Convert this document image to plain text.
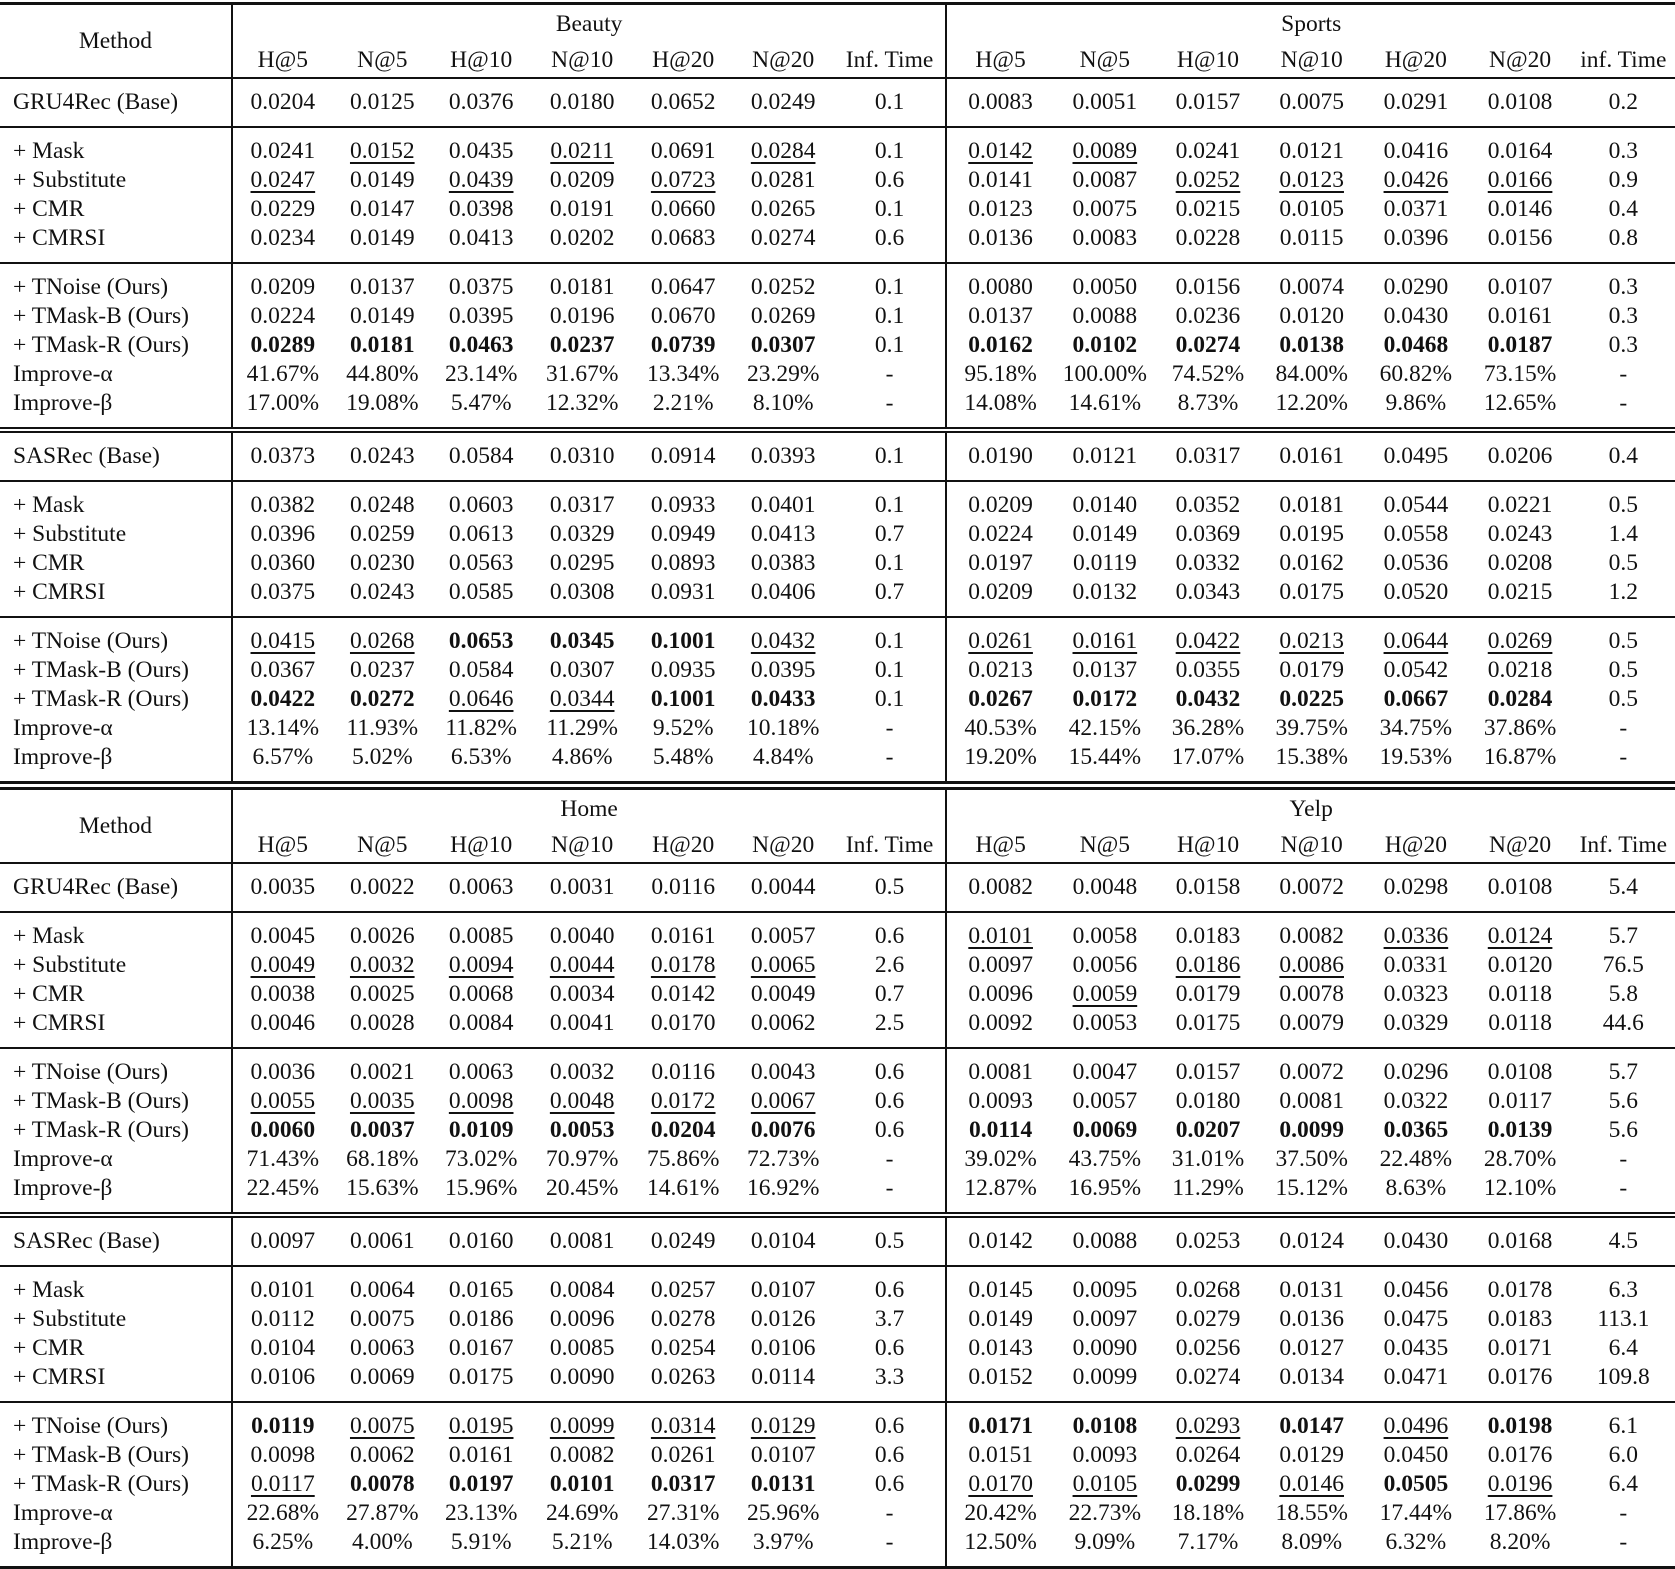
Method	Beauty							Sports						
	H@5	N@5	H@10	N@10	H@20	N@20	Inf. Time	H@5	N@5	H@10	N@10	H@20	N@20	inf. Time
GRU4Rec (Base)	0.0204	0.0125	0.0376	0.0180	0.0652	0.0249	0.1	0.0083	0.0051	0.0157	0.0075	0.0291	0.0108	0.2
+ Mask	0.0241	0.0152	0.0435	0.0211	0.0691	0.0284	0.1	0.0142	0.0089	0.0241	0.0121	0.0416	0.0164	0.3
+ Substitute	0.0247	0.0149	0.0439	0.0209	0.0723	0.0281	0.6	0.0141	0.0087	0.0252	0.0123	0.0426	0.0166	0.9
+ CMR	0.0229	0.0147	0.0398	0.0191	0.0660	0.0265	0.1	0.0123	0.0075	0.0215	0.0105	0.0371	0.0146	0.4
+ CMRSI	0.0234	0.0149	0.0413	0.0202	0.0683	0.0274	0.6	0.0136	0.0083	0.0228	0.0115	0.0396	0.0156	0.8
+ TNoise (Ours)	0.0209	0.0137	0.0375	0.0181	0.0647	0.0252	0.1	0.0080	0.0050	0.0156	0.0074	0.0290	0.0107	0.3
+ TMask-B (Ours)	0.0224	0.0149	0.0395	0.0196	0.0670	0.0269	0.1	0.0137	0.0088	0.0236	0.0120	0.0430	0.0161	0.3
+ TMask-R (Ours)	0.0289	0.0181	0.0463	0.0237	0.0739	0.0307	0.1	0.0162	0.0102	0.0274	0.0138	0.0468	0.0187	0.3
Improve-α	41.67%	44.80%	23.14%	31.67%	13.34%	23.29%	-	95.18%	100.00%	74.52%	84.00%	60.82%	73.15%	-
Improve-β	17.00%	19.08%	5.47%	12.32%	2.21%	8.10%	-	14.08%	14.61%	8.73%	12.20%	9.86%	12.65%	-
SASRec (Base)	0.0373	0.0243	0.0584	0.0310	0.0914	0.0393	0.1	0.0190	0.0121	0.0317	0.0161	0.0495	0.0206	0.4
+ Mask	0.0382	0.0248	0.0603	0.0317	0.0933	0.0401	0.1	0.0209	0.0140	0.0352	0.0181	0.0544	0.0221	0.5
+ Substitute	0.0396	0.0259	0.0613	0.0329	0.0949	0.0413	0.7	0.0224	0.0149	0.0369	0.0195	0.0558	0.0243	1.4
+ CMR	0.0360	0.0230	0.0563	0.0295	0.0893	0.0383	0.1	0.0197	0.0119	0.0332	0.0162	0.0536	0.0208	0.5
+ CMRSI	0.0375	0.0243	0.0585	0.0308	0.0931	0.0406	0.7	0.0209	0.0132	0.0343	0.0175	0.0520	0.0215	1.2
+ TNoise (Ours)	0.0415	0.0268	0.0653	0.0345	0.1001	0.0432	0.1	0.0261	0.0161	0.0422	0.0213	0.0644	0.0269	0.5
+ TMask-B (Ours)	0.0367	0.0237	0.0584	0.0307	0.0935	0.0395	0.1	0.0213	0.0137	0.0355	0.0179	0.0542	0.0218	0.5
+ TMask-R (Ours)	0.0422	0.0272	0.0646	0.0344	0.1001	0.0433	0.1	0.0267	0.0172	0.0432	0.0225	0.0667	0.0284	0.5
Improve-α	13.14%	11.93%	11.82%	11.29%	9.52%	10.18%	-	40.53%	42.15%	36.28%	39.75%	34.75%	37.86%	-
Improve-β	6.57%	5.02%	6.53%	4.86%	5.48%	4.84%	-	19.20%	15.44%	17.07%	15.38%	19.53%	16.87%	-
Method	Home							Yelp						
	H@5	N@5	H@10	N@10	H@20	N@20	Inf. Time	H@5	N@5	H@10	N@10	H@20	N@20	Inf. Time
GRU4Rec (Base)	0.0035	0.0022	0.0063	0.0031	0.0116	0.0044	0.5	0.0082	0.0048	0.0158	0.0072	0.0298	0.0108	5.4
+ Mask	0.0045	0.0026	0.0085	0.0040	0.0161	0.0057	0.6	0.0101	0.0058	0.0183	0.0082	0.0336	0.0124	5.7
+ Substitute	0.0049	0.0032	0.0094	0.0044	0.0178	0.0065	2.6	0.0097	0.0056	0.0186	0.0086	0.0331	0.0120	76.5
+ CMR	0.0038	0.0025	0.0068	0.0034	0.0142	0.0049	0.7	0.0096	0.0059	0.0179	0.0078	0.0323	0.0118	5.8
+ CMRSI	0.0046	0.0028	0.0084	0.0041	0.0170	0.0062	2.5	0.0092	0.0053	0.0175	0.0079	0.0329	0.0118	44.6
+ TNoise (Ours)	0.0036	0.0021	0.0063	0.0032	0.0116	0.0043	0.6	0.0081	0.0047	0.0157	0.0072	0.0296	0.0108	5.7
+ TMask-B (Ours)	0.0055	0.0035	0.0098	0.0048	0.0172	0.0067	0.6	0.0093	0.0057	0.0180	0.0081	0.0322	0.0117	5.6
+ TMask-R (Ours)	0.0060	0.0037	0.0109	0.0053	0.0204	0.0076	0.6	0.0114	0.0069	0.0207	0.0099	0.0365	0.0139	5.6
Improve-α	71.43%	68.18%	73.02%	70.97%	75.86%	72.73%	-	39.02%	43.75%	31.01%	37.50%	22.48%	28.70%	-
Improve-β	22.45%	15.63%	15.96%	20.45%	14.61%	16.92%	-	12.87%	16.95%	11.29%	15.12%	8.63%	12.10%	-
SASRec (Base)	0.0097	0.0061	0.0160	0.0081	0.0249	0.0104	0.5	0.0142	0.0088	0.0253	0.0124	0.0430	0.0168	4.5
+ Mask	0.0101	0.0064	0.0165	0.0084	0.0257	0.0107	0.6	0.0145	0.0095	0.0268	0.0131	0.0456	0.0178	6.3
+ Substitute	0.0112	0.0075	0.0186	0.0096	0.0278	0.0126	3.7	0.0149	0.0097	0.0279	0.0136	0.0475	0.0183	113.1
+ CMR	0.0104	0.0063	0.0167	0.0085	0.0254	0.0106	0.6	0.0143	0.0090	0.0256	0.0127	0.0435	0.0171	6.4
+ CMRSI	0.0106	0.0069	0.0175	0.0090	0.0263	0.0114	3.3	0.0152	0.0099	0.0274	0.0134	0.0471	0.0176	109.8
+ TNoise (Ours)	0.0119	0.0075	0.0195	0.0099	0.0314	0.0129	0.6	0.0171	0.0108	0.0293	0.0147	0.0496	0.0198	6.1
+ TMask-B (Ours)	0.0098	0.0062	0.0161	0.0082	0.0261	0.0107	0.6	0.0151	0.0093	0.0264	0.0129	0.0450	0.0176	6.0
+ TMask-R (Ours)	0.0117	0.0078	0.0197	0.0101	0.0317	0.0131	0.6	0.0170	0.0105	0.0299	0.0146	0.0505	0.0196	6.4
Improve-α	22.68%	27.87%	23.13%	24.69%	27.31%	25.96%	-	20.42%	22.73%	18.18%	18.55%	17.44%	17.86%	-
Improve-β	6.25%	4.00%	5.91%	5.21%	14.03%	3.97%	-	12.50%	9.09%	7.17%	8.09%	6.32%	8.20%	-
